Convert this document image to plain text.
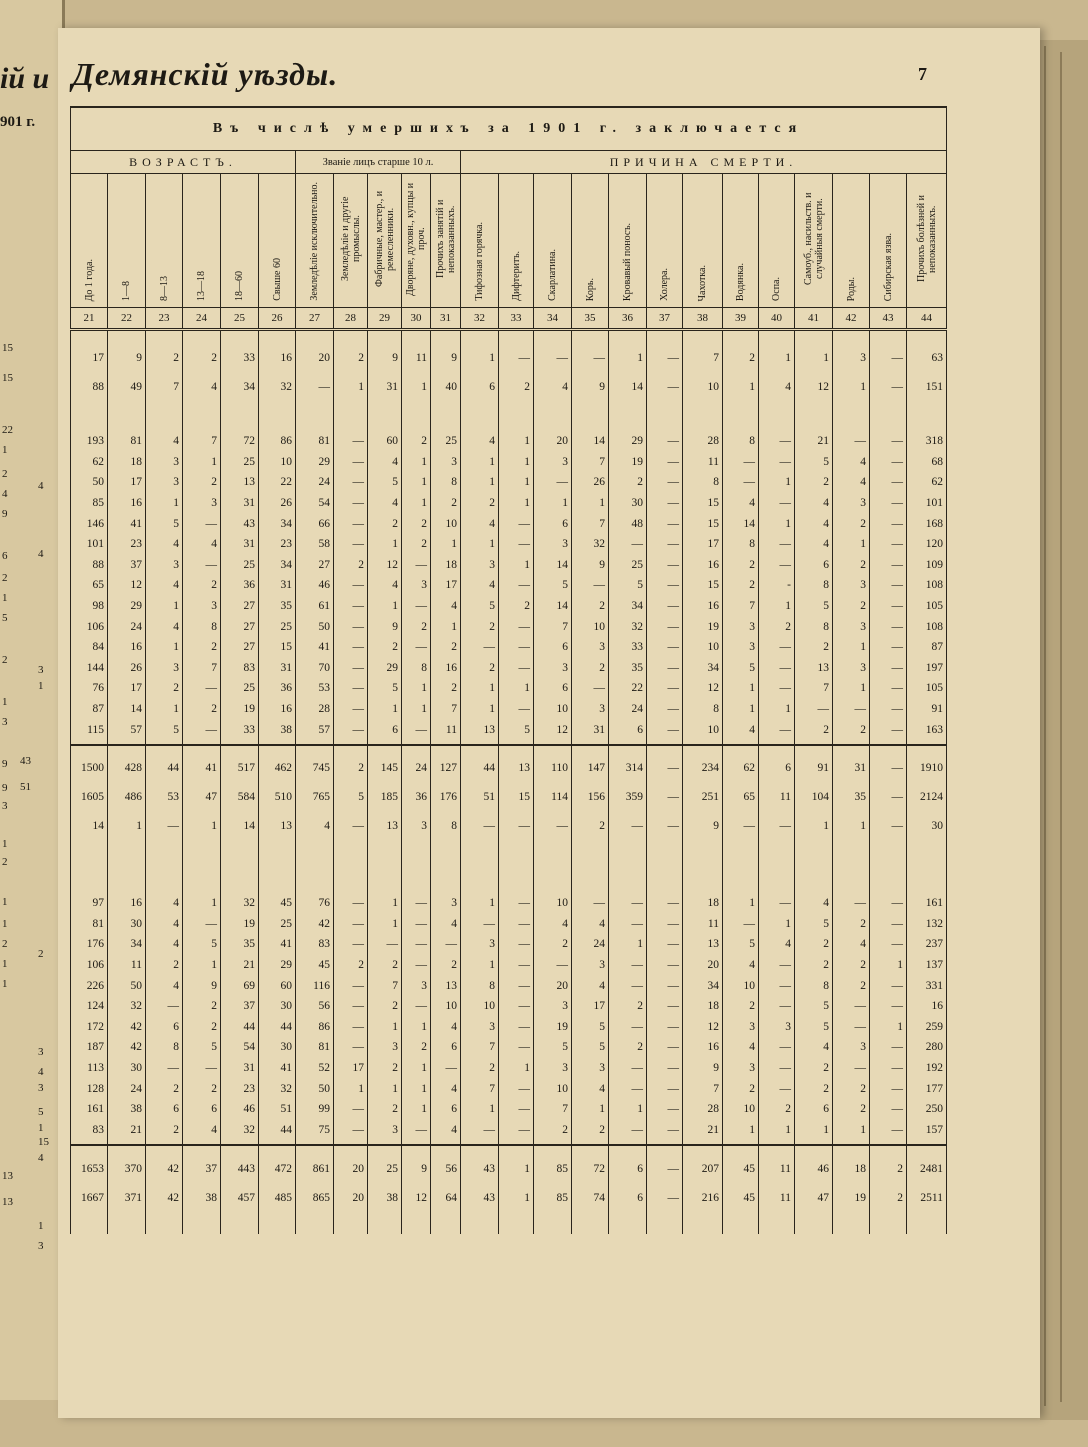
ій и
901 г.
15
15
22
1
2
4
9
6
2
1
5
2
1
3
9
9
3
1
2
1
1
2
1
1
13
13
4
4
3
1
2
3
4
3
5
1
15
4
1
3
43
51
Демянскій уѣзды.	7
Въ числѣ умершихъ за 1901 г. заключается																							
ВОЗРАСТЪ.						Званіе лицъ старше 10 л.					ПРИЧИНА СМЕРТИ.												
До 1 года.	1—8	8—13	13—18	18—60	Свыше 60	Земледѣліе исключительно.	Земледѣліе и другіе промыслы.	Фабричные, мастер., и ремесленники.	Дворяне, духовн., купцы и проч.	Прочихъ занятій и непоказанныхъ.	Тифозная горячка.	Дифтеритъ.	Скарлатина.	Корь.	Кровавый поносъ.	Холера.	Чахотка.	Водянка.	Оспа.	Самоуб., насильств. и случайныя смерти.	Роды.	Сибирская язва.	Прочихъ болѣзней и непоказанныхъ.
21	22	23	24	25	26	27	28	29	30	31	32	33	34	35	36	37	38	39	40	41	42	43	44

17	9	2	2	33	16	20	2	9	11	9	1	—	—	—	1	—	7	2	1	1	3	—	63
88	49	7	4	34	32	—	1	31	1	40	6	2	4	9	14	—	10	1	4	12	1	—	151

193	81	4	7	72	86	81	—	60	2	25	4	1	20	14	29	—	28	8	—	21	—	—	318
62	18	3	1	25	10	29	—	4	1	3	1	1	3	7	19	—	11	—	—	5	4	—	68
50	17	3	2	13	22	24	—	5	1	8	1	1	—	26	2	—	8	—	1	2	4	—	62
85	16	1	3	31	26	54	—	4	1	2	2	1	1	1	30	—	15	4	—	4	3	—	101
146	41	5	—	43	34	66	—	2	2	10	4	—	6	7	48	—	15	14	1	4	2	—	168
101	23	4	4	31	23	58	—	1	2	1	1	—	3	32	—	—	17	8	—	4	1	—	120
88	37	3	—	25	34	27	2	12	—	18	3	1	14	9	25	—	16	2	—	6	2	—	109
65	12	4	2	36	31	46	—	4	3	17	4	—	5	—	5	—	15	2	-	8	3	—	108
98	29	1	3	27	35	61	—	1	—	4	5	2	14	2	34	—	16	7	1	5	2	—	105
106	24	4	8	27	25	50	—	9	2	1	2	—	7	10	32	—	19	3	2	8	3	—	108
84	16	1	2	27	15	41	—	2	—	2	—	—	6	3	33	—	10	3	—	2	1	—	87
144	26	3	7	83	31	70	—	29	8	16	2	—	3	2	35	—	34	5	—	13	3	—	197
76	17	2	—	25	36	53	—	5	1	2	1	1	6	—	22	—	12	1	—	7	1	—	105
87	14	1	2	19	16	28	—	1	1	7	1	—	10	3	24	—	8	1	1	—	—	—	91
115	57	5	—	33	38	57	—	6	—	11	13	5	12	31	6	—	10	4	—	2	2	—	163

1500	428	44	41	517	462	745	2	145	24	127	44	13	110	147	314	—	234	62	6	91	31	—	1910
1605	486	53	47	584	510	765	5	185	36	176	51	15	114	156	359	—	251	65	11	104	35	—	2124
14	1	—	1	14	13	4	—	13	3	8	—	—	—	2	—	—	9	—	—	1	1	—	30

97	16	4	1	32	45	76	—	1	—	3	1	—	10	—	—	—	18	1	—	4	—	—	161
81	30	4	—	19	25	42	—	1	—	4	—	—	4	4	—	—	11	—	1	5	2	—	132
176	34	4	5	35	41	83	—	—	—	—	3	—	2	24	1	—	13	5	4	2	4	—	237
106	11	2	1	21	29	45	2	2	—	2	1	—	—	3	—	—	20	4	—	2	2	1	137
226	50	4	9	69	60	116	—	7	3	13	8	—	20	4	—	—	34	10	—	8	2	—	331
124	32	—	2	37	30	56	—	2	—	10	10	—	3	17	2	—	18	2	—	5	—	—	16
172	42	6	2	44	44	86	—	1	1	4	3	—	19	5	—	—	12	3	3	5	—	1	259
187	42	8	5	54	30	81	—	3	2	6	7	—	5	5	2	—	16	4	—	4	3	—	280
113	30	—	—	31	41	52	17	2	1	—	2	1	3	3	—	—	9	3	—	2	—	—	192
128	24	2	2	23	32	50	1	1	1	4	7	—	10	4	—	—	7	2	—	2	2	—	177
161	38	6	6	46	51	99	—	2	1	6	1	—	7	1	1	—	28	10	2	6	2	—	250
83	21	2	4	32	44	75	—	3	—	4	—	—	2	2	—	—	21	1	1	1	1	—	157

1653	370	42	37	443	472	861	20	25	9	56	43	1	85	72	6	—	207	45	11	46	18	2	2481
1667	371	42	38	457	485	865	20	38	12	64	43	1	85	74	6	—	216	45	11	47	19	2	2511
